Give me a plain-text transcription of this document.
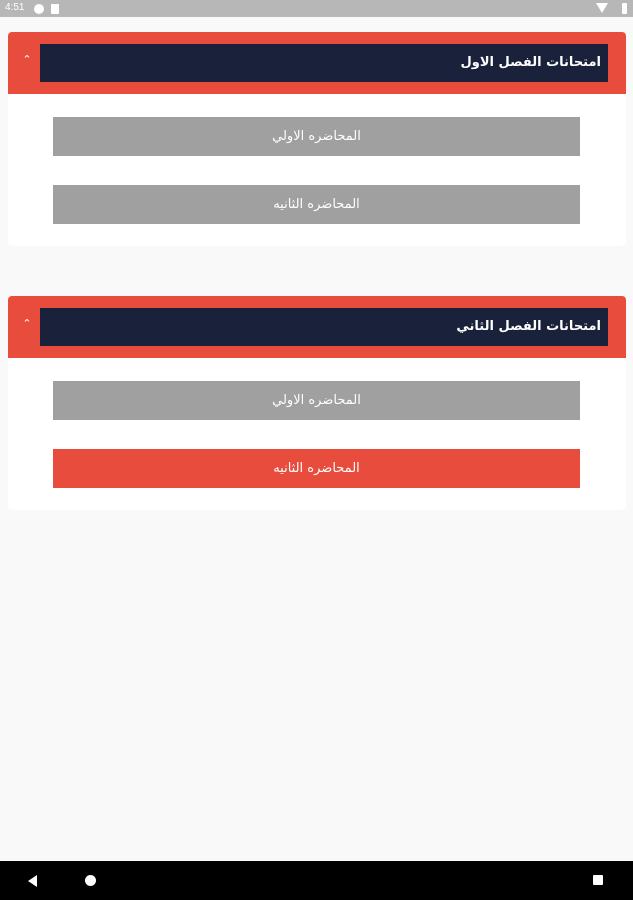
4:51
⌃	امتحانات الفصل الاول
المحاضره الاولي
المحاضره الثانيه
⌃	امتحانات الفصل الثاني
المحاضره الاولي
المحاضره الثانيه
